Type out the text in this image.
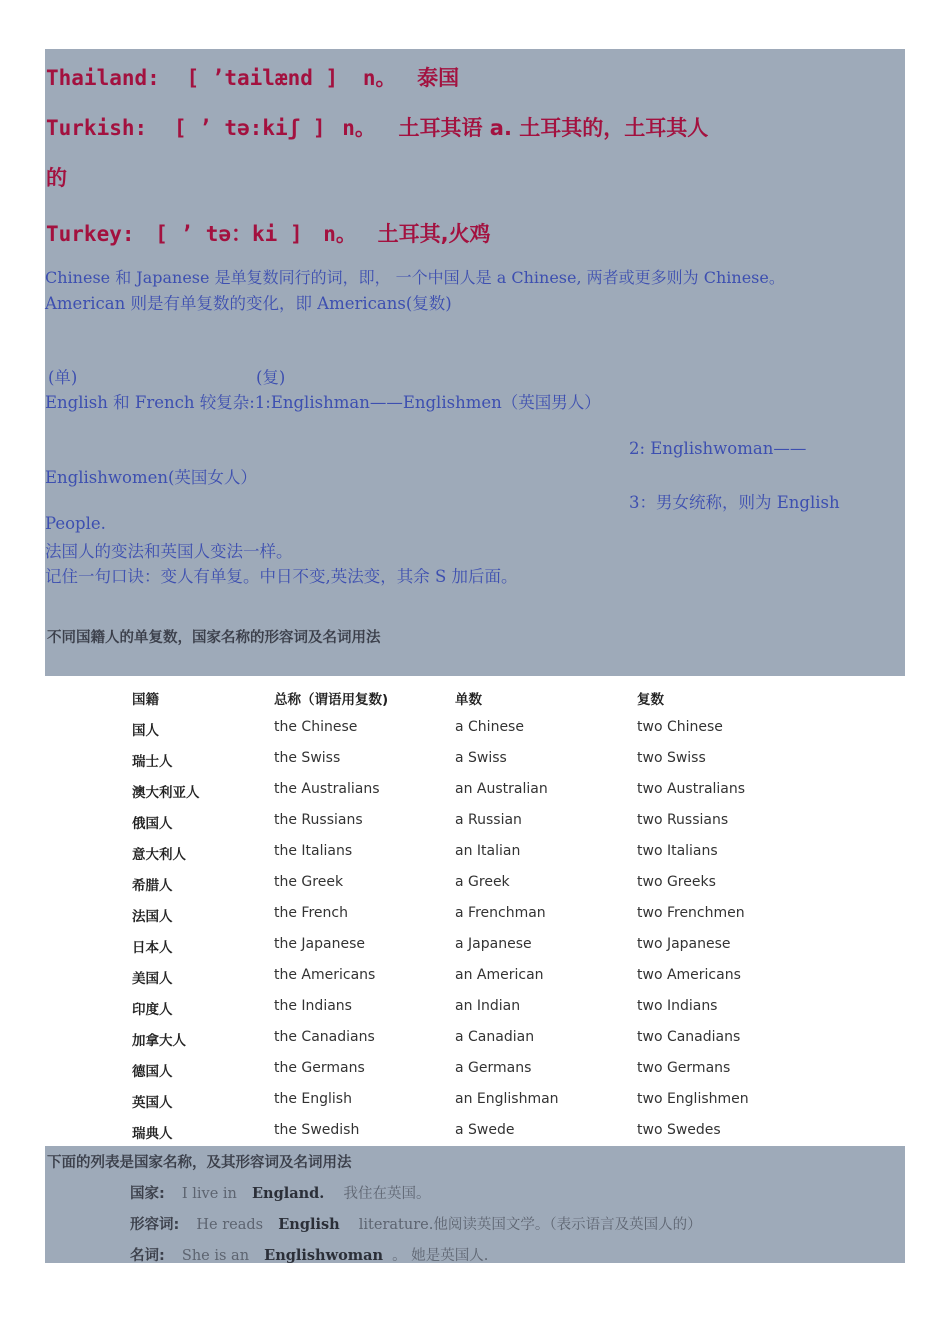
Thailand: [ ’tailænd ] n。 泰国
Turkish: [ ’ tə:kiʃ ] n。 土耳其语 a. 土耳其的，土耳其人
的
Turkey: [ ’ tə：ki ] n。 土耳其,火鸡
Chinese 和 Japanese 是单复数同行的词，即， 一个中国人是 a Chinese, 两者或更多则为 Chinese。
American 则是有单复数的变化，即 Americans(复数)
(单)	(复)
English 和 French 较复杂:1:Englishman——Englishmen（英国男人）
2: Englishwoman——
Englishwomen(英国女人）
3：男女统称，则为 English
People.
法国人的变法和英国人变法一样。
记住一句口诀：变人有单复。中日不变,英法变，其余 S 加后面。
不同国籍人的单复数，国家名称的形容词及名词用法
国籍	总称（谓语用复数)	单数	复数
国人	the Chinese	a Chinese	two Chinese
瑞士人	the Swiss	a Swiss	two Swiss
澳大利亚人	the Australians	an Australian	two Australians
俄国人	the Russians	a Russian	two Russians
意大利人	the Italians	an Italian	two Italians
希腊人	the Greek	a Greek	two Greeks
法国人	the French	a Frenchman	two Frenchmen
日本人	the Japanese	a Japanese	two Japanese
美国人	the Americans	an American	two Americans
印度人	the Indians	an Indian	two Indians
加拿大人	the Canadians	a Canadian	two Canadians
德国人	the Germans	a Germans	two Germans
英国人	the English	an Englishman	two Englishmen
瑞典人	the Swedish	a Swede	two Swedes
下面的列表是国家名称，及其形容词及名词用法
国家: I live in England. 我住在英国。
形容词: He reads English literature.他阅读英国文学。（表示语言及英国人的）
名词: She is an Englishwoman 。 她是英国人.
